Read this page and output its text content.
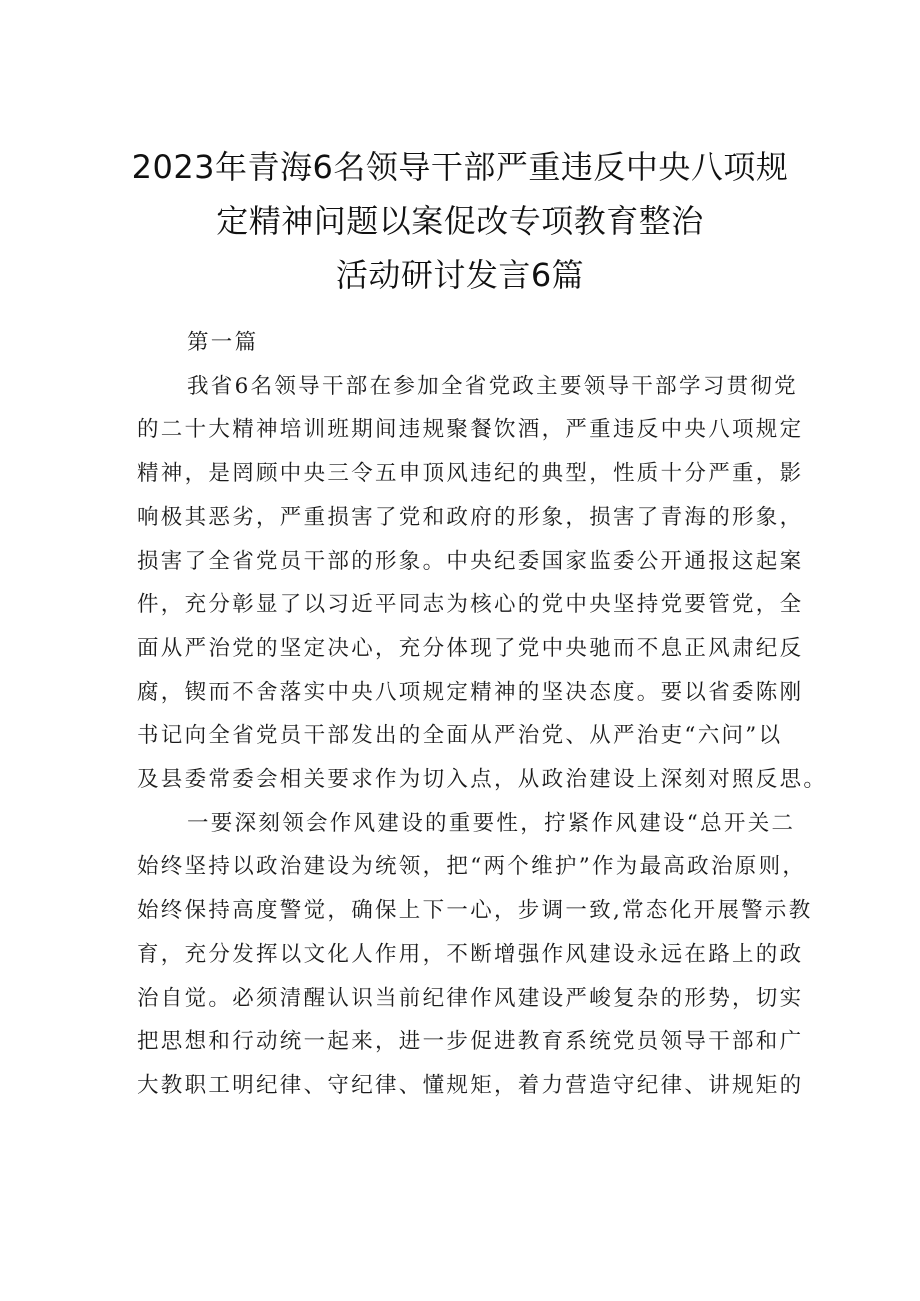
2023年青海6名领导干部严重违反中央八项规
定精神问题以案促改专项教育整治
活动研讨发言6篇
第一篇
我省6名领导干部在参加全省党政主要领导干部学习贯彻党
的二十大精神培训班期间违规聚餐饮酒，严重违反中央八项规定
精神，是罔顾中央三令五申顶风违纪的典型，性质十分严重，影
响极其恶劣，严重损害了党和政府的形象，损害了青海的形象，
损害了全省党员干部的形象。中央纪委国家监委公开通报这起案
件，充分彰显了以习近平同志为核心的党中央坚持党要管党，全
面从严治党的坚定决心，充分体现了党中央驰而不息正风肃纪反
腐，锲而不舍落实中央八项规定精神的坚决态度。要以省委陈刚
书记向全省党员干部发出的全面从严治党、从严治吏“六问”以
及县委常委会相关要求作为切入点，从政治建设上深刻对照反思。
一要深刻领会作风建设的重要性，拧紧作风建设“总开关二
始终坚持以政治建设为统领，把“两个维护”作为最高政治原则，
始终保持高度警觉，确保上下一心，步调一致,常态化开展警示教
育，充分发挥以文化人作用，不断增强作风建设永远在路上的政
治自觉。必须清醒认识当前纪律作风建设严峻复杂的形势，切实
把思想和行动统一起来，进一步促进教育系统党员领导干部和广
大教职工明纪律、守纪律、懂规矩，着力营造守纪律、讲规矩的
